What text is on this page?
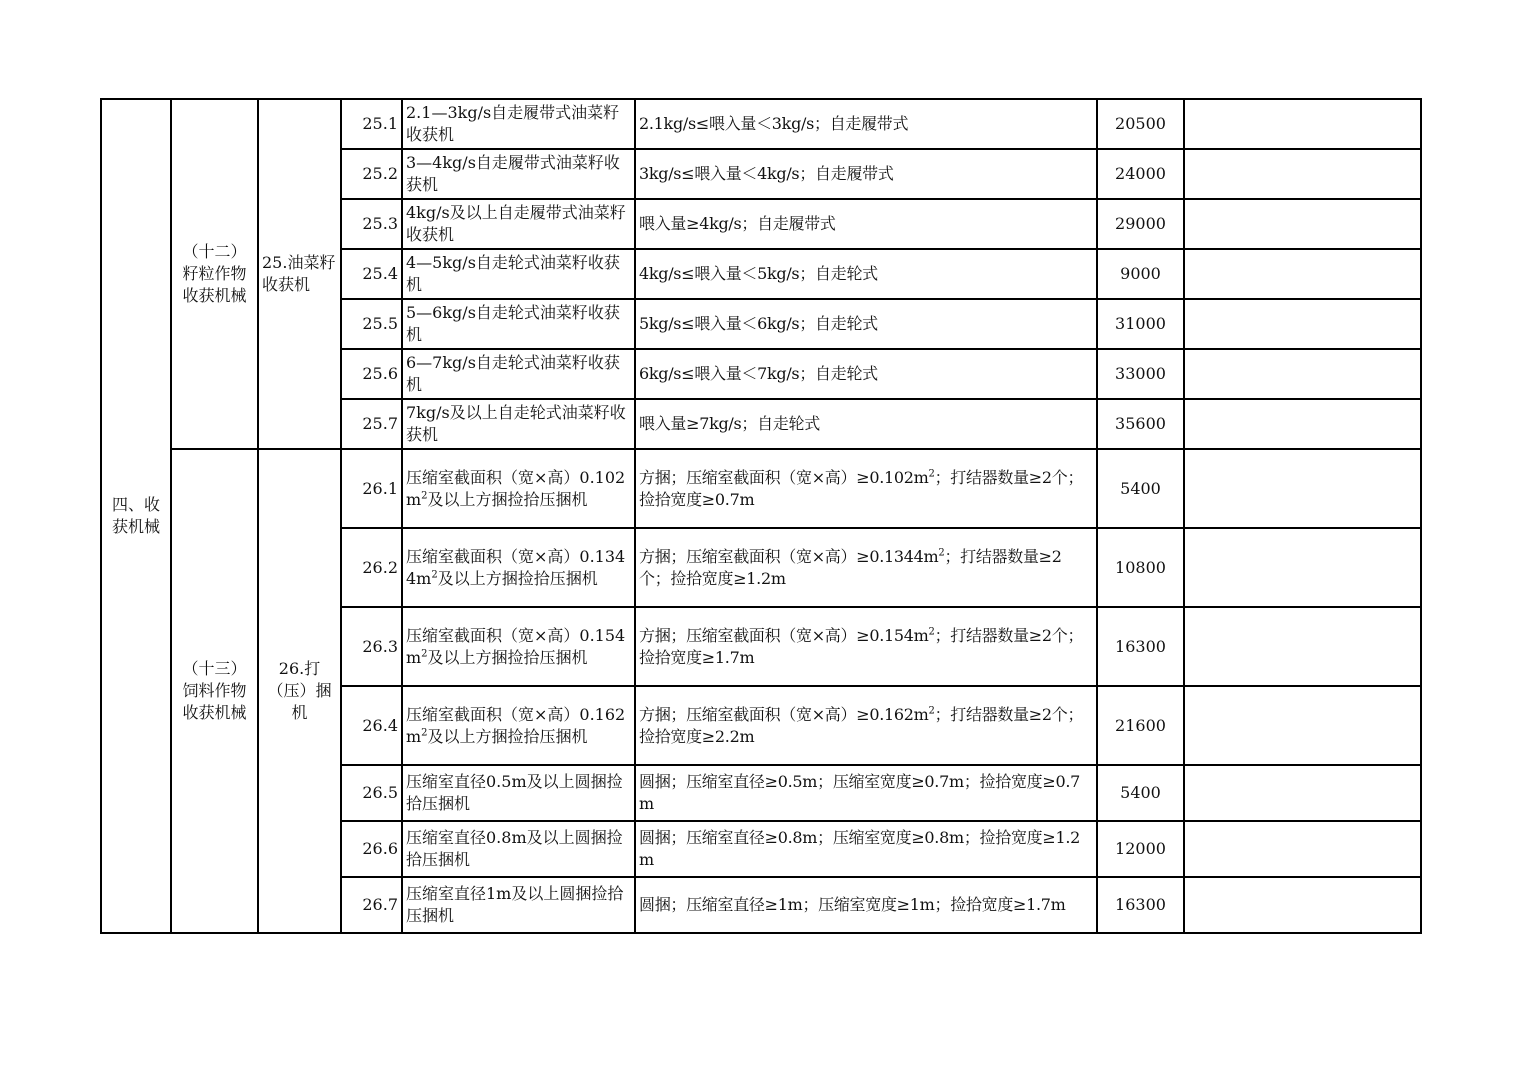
四、收获机械	（十二）籽粒作物收获机械	25.油菜籽收获机	25.1	2.1—3kg/s自走履带式油菜籽收获机	2.1kg/s≤喂入量＜3kg/s；自走履带式	20500	
			25.2	3—4kg/s自走履带式油菜籽收获机	3kg/s≤喂入量＜4kg/s；自走履带式	24000	
			25.3	4kg/s及以上自走履带式油菜籽收获机	喂入量≥4kg/s；自走履带式	29000	
			25.4	4—5kg/s自走轮式油菜籽收获机	4kg/s≤喂入量＜5kg/s；自走轮式	9000	
			25.5	5—6kg/s自走轮式油菜籽收获机	5kg/s≤喂入量＜6kg/s；自走轮式	31000	
			25.6	6—7kg/s自走轮式油菜籽收获机	6kg/s≤喂入量＜7kg/s；自走轮式	33000	
			25.7	7kg/s及以上自走轮式油菜籽收获机	喂入量≥7kg/s；自走轮式	35600	
	（十三）饲料作物收获机械	26.打（压）捆机	26.1	压缩室截面积（宽×高）$0.102m^2$及以上方捆捡拾压捆机	方捆；压缩室截面积（宽×高）$\ge 0.102m^2$；打结器数量≥2个；捡拾宽度≥0.7m	5400	
			26.2	压缩室截面积（宽×高）$0.1344m^2$及以上方捆捡拾压捆机	方捆；压缩室截面积（宽×高）$\ge 0.1344m^2$；打结器数量≥2个；捡拾宽度≥1.2m	10800	
			26.3	压缩室截面积（宽×高）$0.154m^2$及以上方捆捡拾压捆机	方捆；压缩室截面积（宽×高）$\ge 0.154m^2$；打结器数量≥2个；捡拾宽度≥1.7m	16300	
			26.4	压缩室截面积（宽×高）$0.162m^2$及以上方捆捡拾压捆机	方捆；压缩室截面积（宽×高）$\ge 0.162m^2$；打结器数量≥2个；捡拾宽度≥2.2m	21600	
			26.5	压缩室直径0.5m及以上圆捆捡拾压捆机	圆捆；压缩室直径≥0.5m；压缩室宽度≥0.7m；捡拾宽度≥0.7m	5400	
			26.6	压缩室直径0.8m及以上圆捆捡拾压捆机	圆捆；压缩室直径≥0.8m；压缩室宽度≥0.8m；捡拾宽度≥1.2m	12000	
			26.7	压缩室直径1m及以上圆捆捡拾压捆机	圆捆；压缩室直径≥1m；压缩室宽度≥1m；捡拾宽度≥1.7m	16300	
